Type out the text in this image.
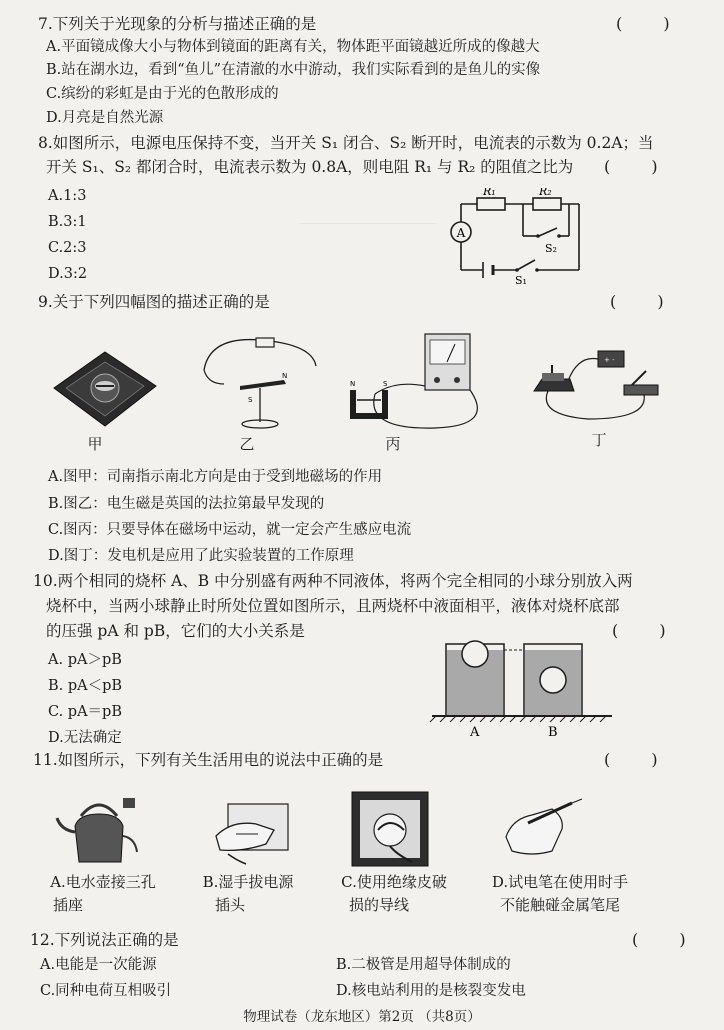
_____________________
7.下列关于光现象的分析与描述正确的是	( )
A.平面镜成像大小与物体到镜面的距离有关，物体距平面镜越近所成的像越大
B.站在湖水边，看到“鱼儿”在清澈的水中游动，我们实际看到的是鱼儿的实像
C.缤纷的彩虹是由于光的色散形成的
D.月亮是自然光源
8.如图所示，电源电压保持不变，当开关 S₁ 闭合、S₂ 断开时，电流表的示数为 0.2A；当
开关 S₁、S₂ 都闭合时，电流表示数为 0.8A，则电阻 R₁ 与 R₂ 的阻值之比为 ( )
A.1:3
B.3:1
C.2:3
D.3:2
A
R₁	R₂
S₂
S₁
9.关于下列四幅图的描述正确的是	( )
甲
S
N
乙
N	S
丙
+ -
丁
A.图甲：司南指示南北方向是由于受到地磁场的作用
B.图乙：电生磁是英国的法拉第最早发现的
C.图丙：只要导体在磁场中运动，就一定会产生感应电流
D.图丁：发电机是应用了此实验装置的工作原理
10.两个相同的烧杯 A、B 中分别盛有两种不同液体，将两个完全相同的小球分别放入两
烧杯中，当两小球静止时所处位置如图所示，且两烧杯中液面相平，液体对烧杯底部
的压强 pA 和 pB，它们的大小关系是	( )
A. pA＞pB
B. pA＜pB
C. pA＝pB
D.无法确定	A	B
11.如图所示，下列有关生活用电的说法中正确的是	( )
A.电水壶接三孔
插座
B.湿手拔电源
插头
C.使用绝缘皮破
损的导线
D.试电笔在使用时手
不能触碰金属笔尾
12.下列说法正确的是	( )
A.电能是一次能源	B.二极管是用超导体制成的
C.同种电荷互相吸引	D.核电站利用的是核裂变发电
物理试卷（龙东地区）第2页 （共8页）
